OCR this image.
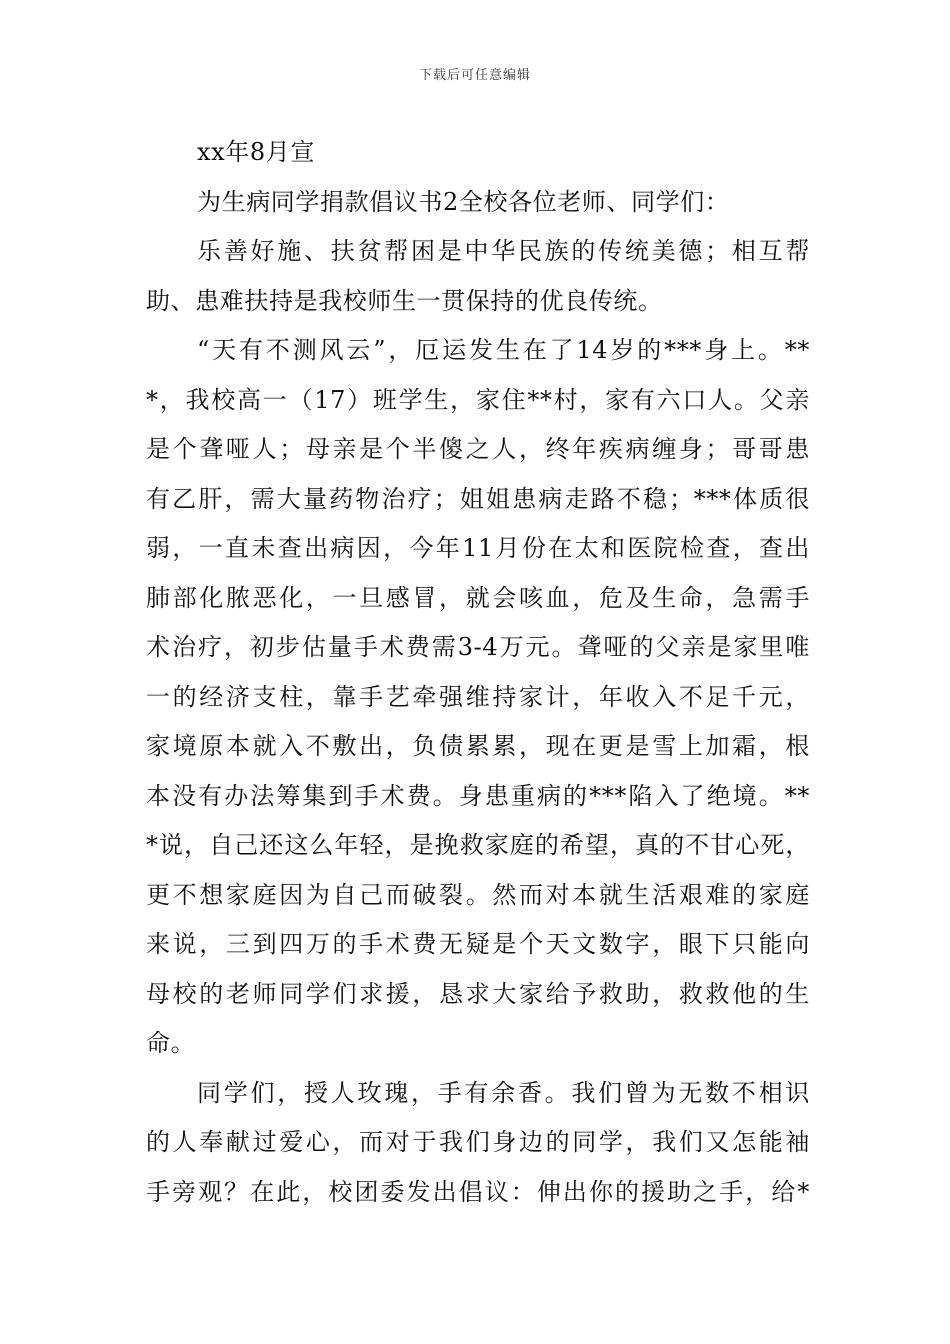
下载后可任意编辑
xx年8月宣
为生病同学捐款倡议书2全校各位老师、同学们：
乐善好施、扶贫帮困是中华民族的传统美德；相互帮
助、患难扶持是我校师生一贯保持的优良传统。
“天有不测风云”，厄运发生在了14岁的***身上。**
*，我校高一（17）班学生，家住**村，家有六口人。父亲
是个聋哑人；母亲是个半傻之人，终年疾病缠身；哥哥患
有乙肝，需大量药物治疗；姐姐患病走路不稳；***体质很
弱，一直未查出病因，今年11月份在太和医院检查，查出
肺部化脓恶化，一旦感冒，就会咳血，危及生命，急需手
术治疗，初步估量手术费需3-4万元。聋哑的父亲是家里唯
一的经济支柱，靠手艺牵强维持家计，年收入不足千元，
家境原本就入不敷出，负债累累，现在更是雪上加霜，根
本没有办法筹集到手术费。身患重病的***陷入了绝境。**
*说，自己还这么年轻，是挽救家庭的希望，真的不甘心死，
更不想家庭因为自己而破裂。然而对本就生活艰难的家庭
来说，三到四万的手术费无疑是个天文数字，眼下只能向
母校的老师同学们求援，恳求大家给予救助，救救他的生
命。
同学们，授人玫瑰，手有余香。我们曾为无数不相识
的人奉献过爱心，而对于我们身边的同学，我们又怎能袖
手旁观？在此，校团委发出倡议：伸出你的援助之手，给*
